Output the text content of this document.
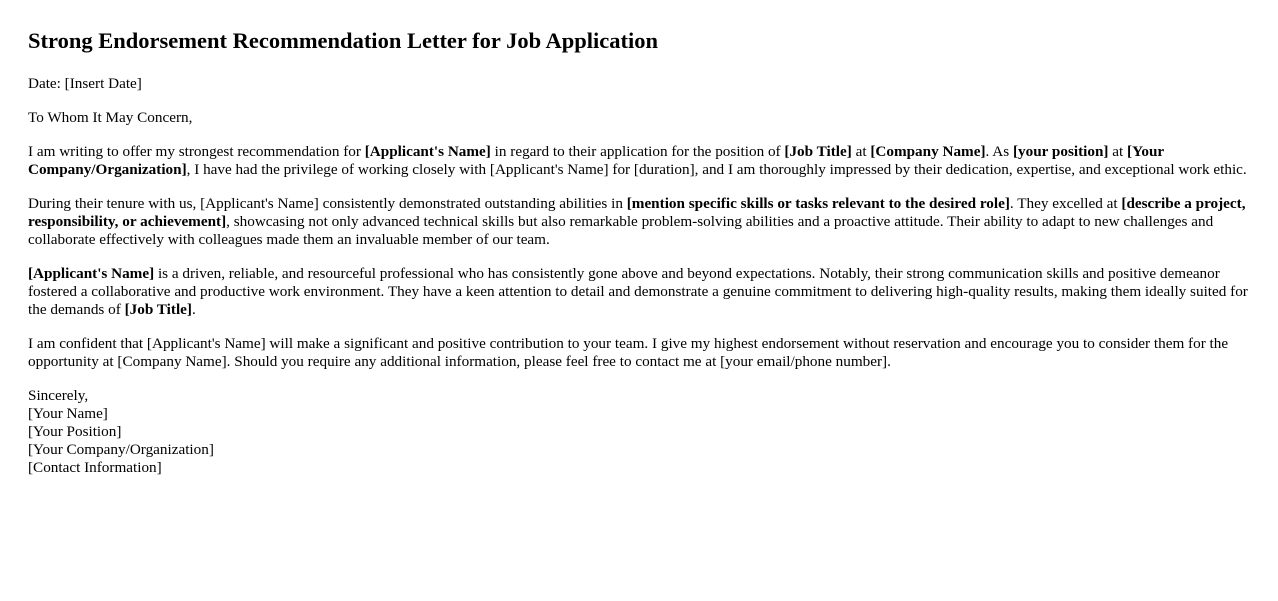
Strong Endorsement Recommendation Letter for Job Application

Date: [Insert Date]

To Whom It May Concern,

I am writing to offer my strongest recommendation for [Applicant's Name] in regard to their application for the position of [Job Title] at [Company Name]. As [your position] at [Your Company/Organization], I have had the privilege of working closely with [Applicant's Name] for [duration], and I am thoroughly impressed by their dedication, expertise, and exceptional work ethic.

During their tenure with us, [Applicant's Name] consistently demonstrated outstanding abilities in [mention specific skills or tasks relevant to the desired role]. They excelled at [describe a project, responsibility, or achievement], showcasing not only advanced technical skills but also remarkable problem-solving abilities and a proactive attitude. Their ability to adapt to new challenges and collaborate effectively with colleagues made them an invaluable member of our team.

[Applicant's Name] is a driven, reliable, and resourceful professional who has consistently gone above and beyond expectations. Notably, their strong communication skills and positive demeanor fostered a collaborative and productive work environment. They have a keen attention to detail and demonstrate a genuine commitment to delivering high-quality results, making them ideally suited for the demands of [Job Title].

I am confident that [Applicant's Name] will make a significant and positive contribution to your team. I give my highest endorsement without reservation and encourage you to consider them for the opportunity at [Company Name]. Should you require any additional information, please feel free to contact me at [your email/phone number].

Sincerely,
[Your Name]
[Your Position]
[Your Company/Organization]
[Contact Information]
